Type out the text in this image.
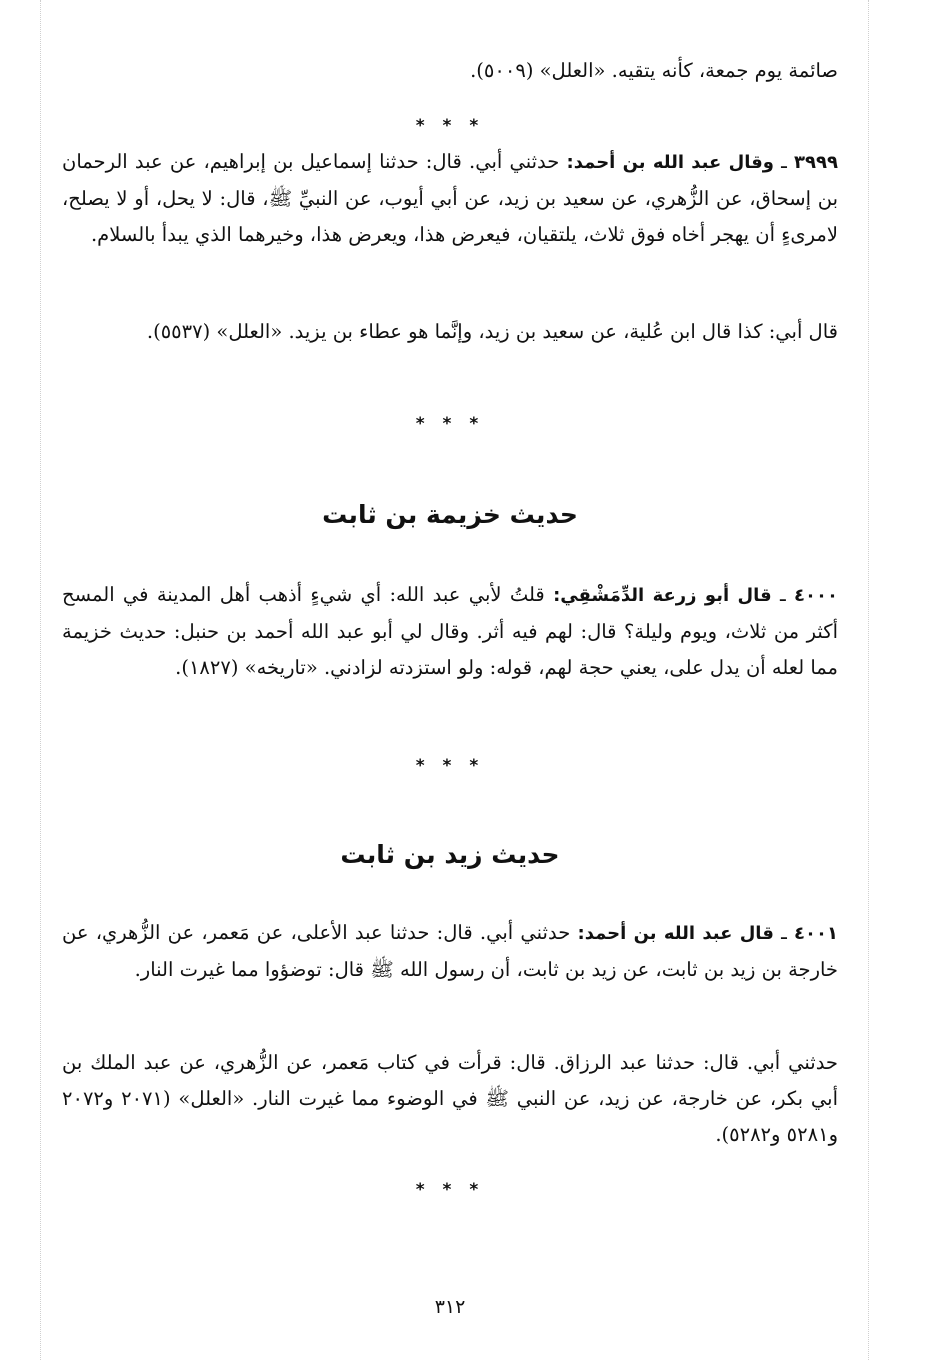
صائمة يوم جمعة، كأنه يتقيه. «العلل» (٥٠٠٩).
* * *
٣٩٩٩ ـ وقال عبد الله بن أحمد: حدثني أبي. قال: حدثنا إسماعيل بن إبراهيم، عن عبد الرحمان بن إسحاق، عن الزُّهري، عن سعيد بن زيد، عن أبي أيوب، عن النبيِّ ﷺ، قال: لا يحل، أو لا يصلح، لامرىءٍ أن يهجر أخاه فوق ثلاث، يلتقيان، فيعرض هذا، ويعرض هذا، وخيرهما الذي يبدأ بالسلام.
قال أبي: كذا قال ابن عُلية، عن سعيد بن زيد، وإنَّما هو عطاء بن يزيد. «العلل» (٥٥٣٧).
* * *
حديث خزيمة بن ثابت
٤٠٠٠ ـ قال أبو زرعة الدِّمَشْقِي: قلتُ لأبي عبد الله: أي شيءٍ أذهب أهل المدينة في المسح أكثر من ثلاث، ويوم وليلة؟ قال: لهم فيه أثر. وقال لي أبو عبد الله أحمد بن حنبل: حديث خزيمة مما لعله أن يدل على، يعني حجة لهم، قوله: ولو استزدته لزادني. «تاريخه» (١٨٢٧).
* * *
حديث زيد بن ثابت
٤٠٠١ ـ قال عبد الله بن أحمد: حدثني أبي. قال: حدثنا عبد الأعلى، عن مَعمر، عن الزُّهري، عن خارجة بن زيد بن ثابت، عن زيد بن ثابت، أن رسول الله ﷺ قال: توضؤوا مما غيرت النار.
حدثني أبي. قال: حدثنا عبد الرزاق. قال: قرأت في كتاب مَعمر، عن الزُّهري، عن عبد الملك بن أبي بكر، عن خارجة، عن زيد، عن النبي ﷺ في الوضوء مما غيرت النار. «العلل» (٢٠٧١ و٢٠٧٢ و٥٢٨١ و٥٢٨٢).
* * *
٣١٢
